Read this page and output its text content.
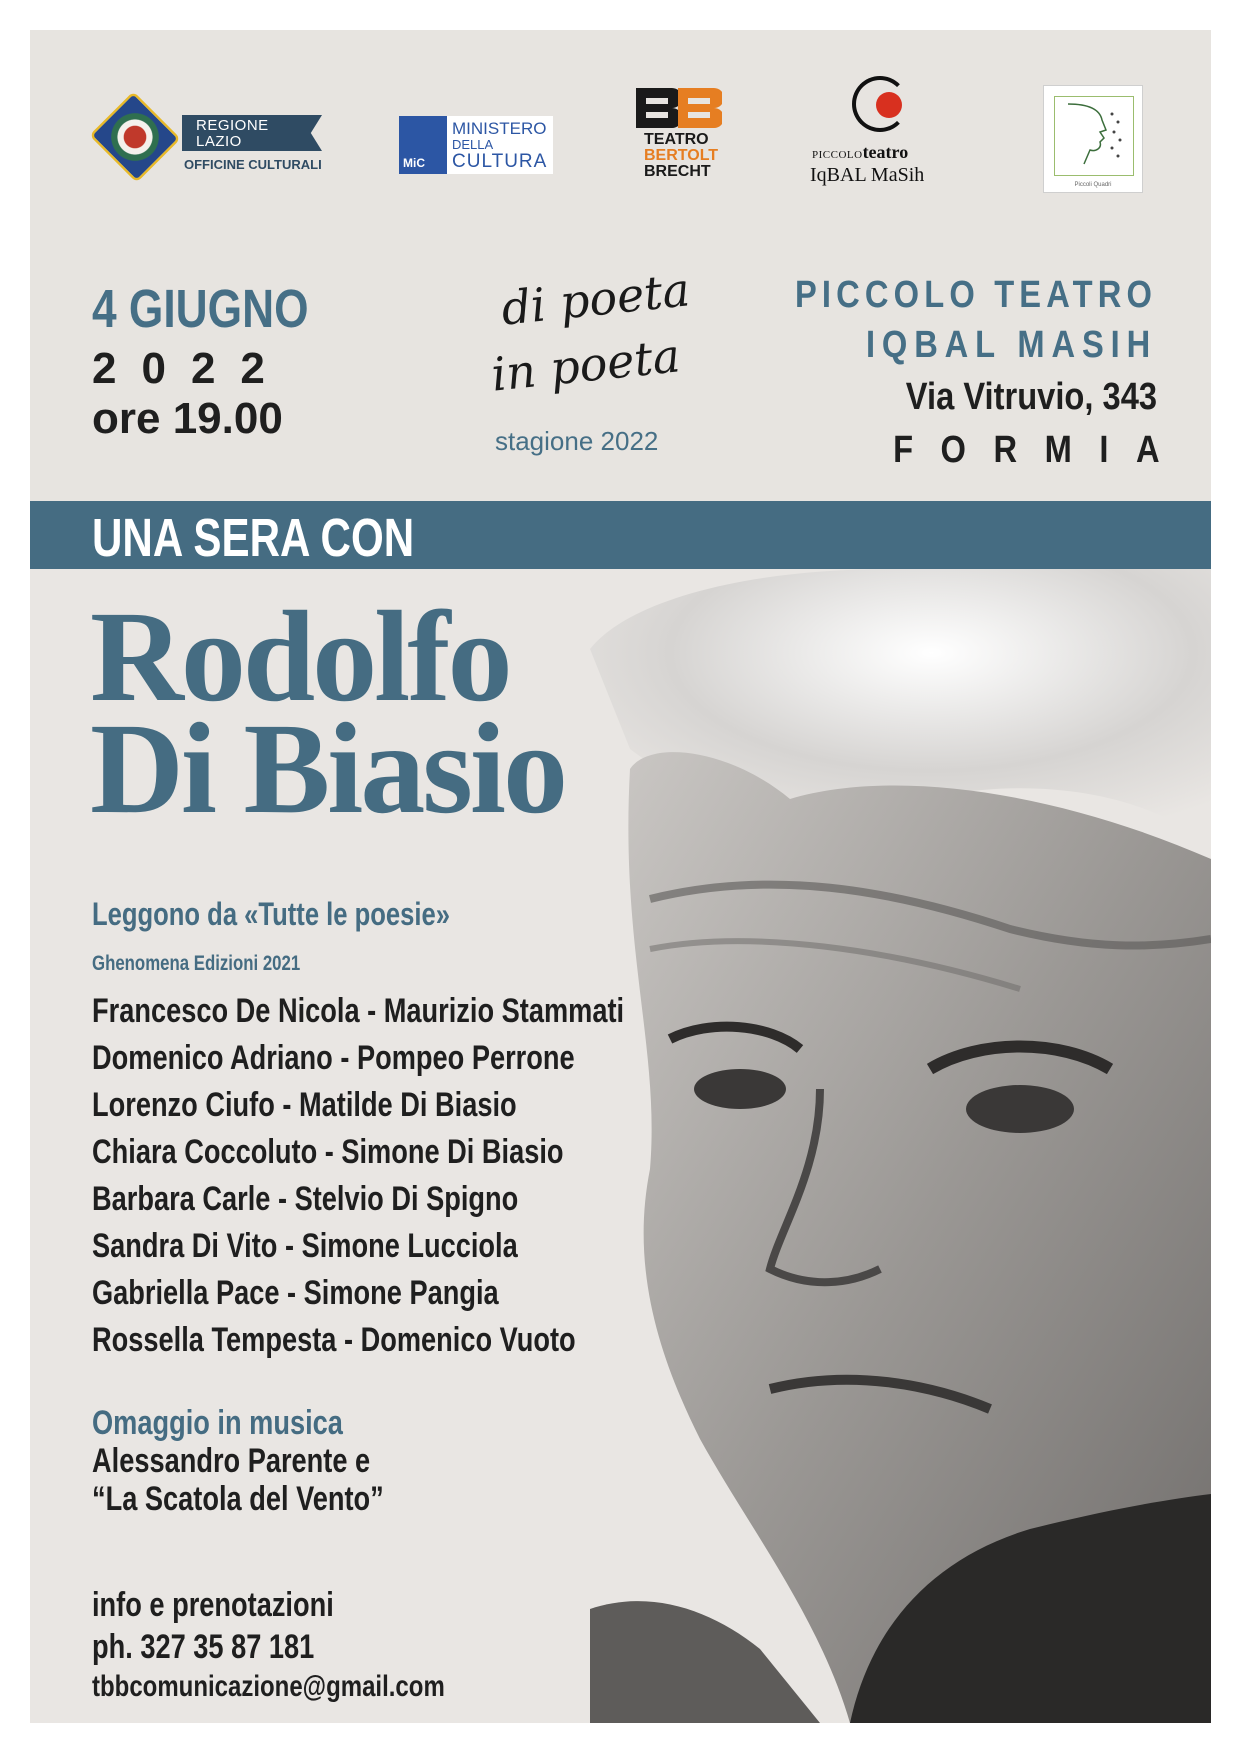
REGIONE
LAZIO
OFFICINE CULTURALI	MiC
MINISTERO
DELLA
CULTURA
TEATRO
BERTOLT
BRECHT
PICCOLOteatro
IqBAL MaSih	Piccoli Quadri
4 GIUGNO
2022
ore 19.00
di poeta
in poeta
stagione 2022
PICCOLO TEATRO
IQBAL MASIH
Via Vitruvio, 343
FORMIA
UNA SERA CON
Rodolfo
Di Biasio
Leggono da «Tutte le poesie»
Ghenomena Edizioni 2021
Francesco De Nicola - Maurizio Stammati
Domenico Adriano - Pompeo Perrone
Lorenzo Ciufo - Matilde Di Biasio
Chiara Coccoluto - Simone Di Biasio
Barbara Carle - Stelvio Di Spigno
Sandra Di Vito - Simone Lucciola
Gabriella Pace - Simone Pangia
Rossella Tempesta - Domenico Vuoto
Omaggio in musica
Alessandro Parente e
“La Scatola del Vento”
info e prenotazioni
ph. 327 35 87 181
tbbcomunicazione@gmail.com
